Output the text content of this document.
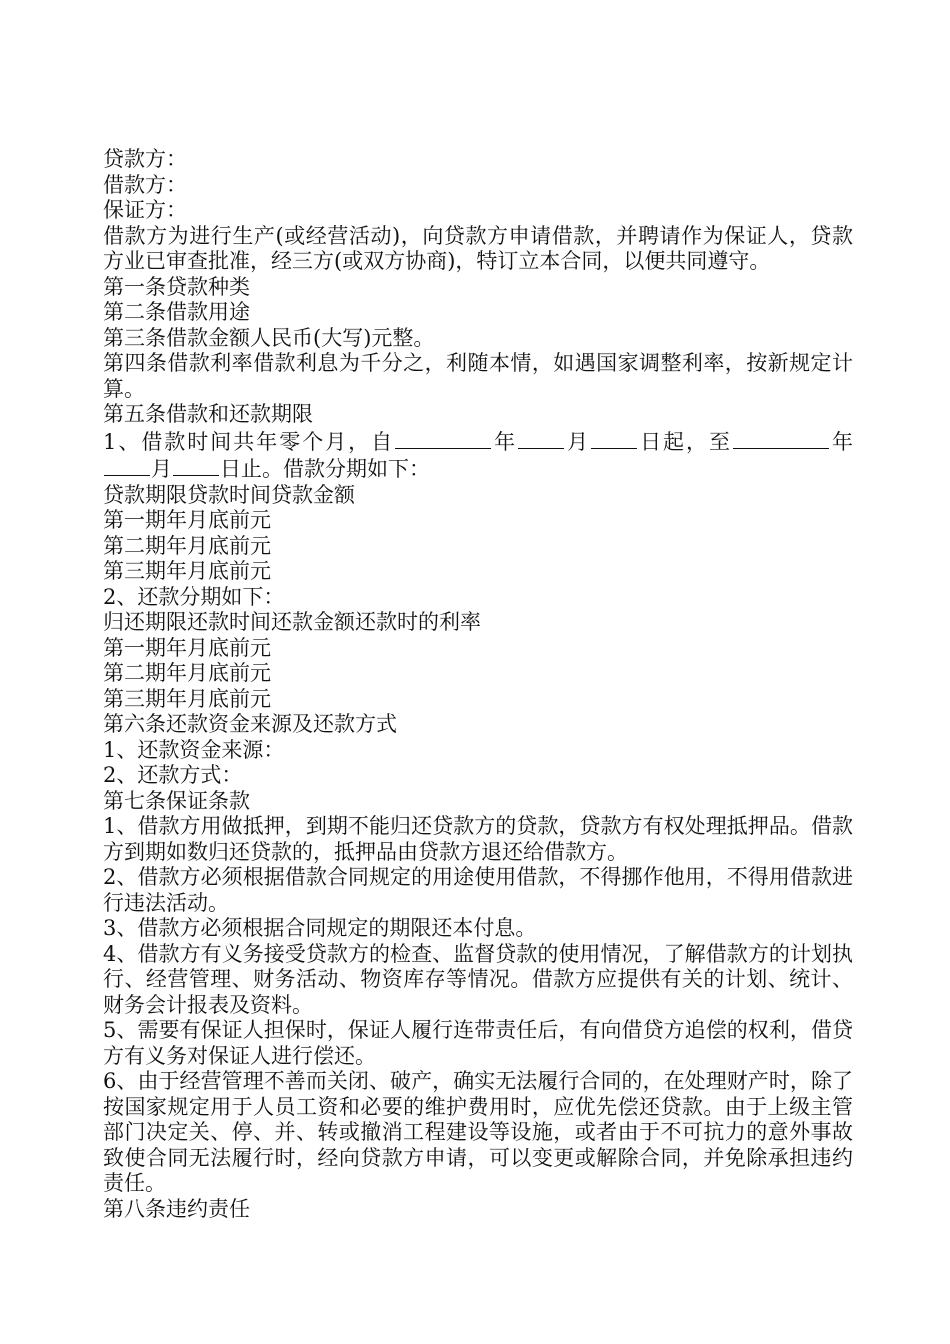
贷款方：

借款方：

保证方：

借款方为进行生产(或经营活动)，向贷款方申请借款，并聘请作为保证人，贷款方业已审查批准，经三方(或双方协商)，特订立本合同，以便共同遵守。

第一条贷款种类

第二条借款用途

第三条借款金额人民币(大写)元整。

第四条借款利率借款利息为千分之，利随本情，如遇国家调整利率，按新规定计算。

第五条借款和还款期限

1、借款时间共年零个月，自	年 月 日起，至	年月 日止。借款分期如下：

贷款期限贷款时间贷款金额

第一期年月底前元

第二期年月底前元

第三期年月底前元

2、还款分期如下：

归还期限还款时间还款金额还款时的利率

第一期年月底前元

第二期年月底前元

第三期年月底前元

第六条还款资金来源及还款方式

1、还款资金来源：

2、还款方式：

第七条保证条款

1、借款方用做抵押，到期不能归还贷款方的贷款，贷款方有权处理抵押品。借款方到期如数归还贷款的，抵押品由贷款方退还给借款方。

2、借款方必须根据借款合同规定的用途使用借款，不得挪作他用，不得用借款进行违法活动。

3、借款方必须根据合同规定的期限还本付息。

4、借款方有义务接受贷款方的检查、监督贷款的使用情况，了解借款方的计划执行、经营管理、财务活动、物资库存等情况。借款方应提供有关的计划、统计、财务会计报表及资料。

5、需要有保证人担保时，保证人履行连带责任后，有向借贷方追偿的权利，借贷方有义务对保证人进行偿还。

6、由于经营管理不善而关闭、破产，确实无法履行合同的，在处理财产时，除了按国家规定用于人员工资和必要的维护费用时，应优先偿还贷款。由于上级主管部门决定关、停、并、转或撤消工程建设等设施，或者由于不可抗力的意外事故致使合同无法履行时，经向贷款方申请，可以变更或解除合同，并免除承担违约责任。

第八条违约责任
